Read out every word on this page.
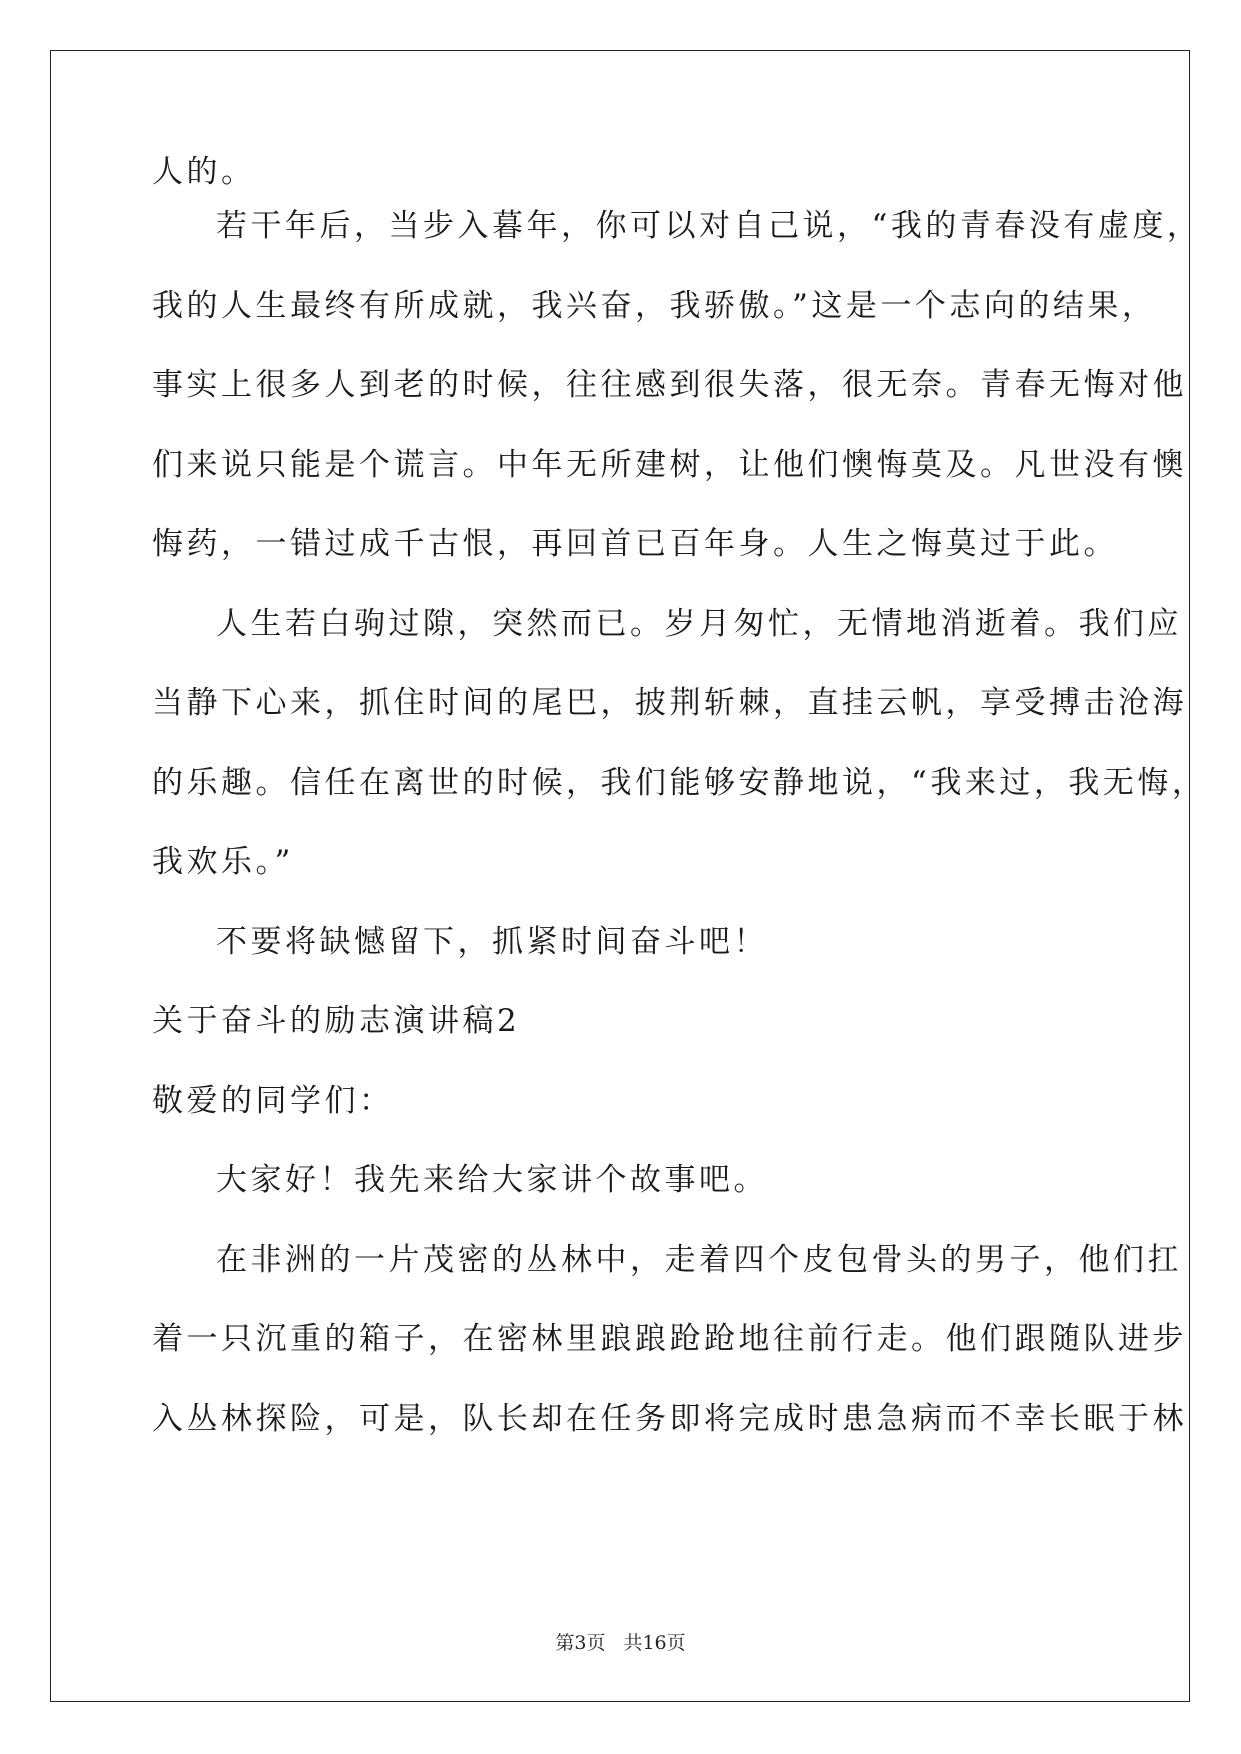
人的。
若干年后，当步入暮年，你可以对自己说，“我的青春没有虚度，
我的人生最终有所成就，我兴奋，我骄傲。”这是一个志向的结果，
事实上很多人到老的时候，往往感到很失落，很无奈。青春无悔对他
们来说只能是个谎言。中年无所建树，让他们懊悔莫及。凡世没有懊
悔药，一错过成千古恨，再回首已百年身。人生之悔莫过于此。
人生若白驹过隙，突然而已。岁月匆忙，无情地消逝着。我们应
当静下心来，抓住时间的尾巴，披荆斩棘，直挂云帆，享受搏击沧海
的乐趣。信任在离世的时候，我们能够安静地说，“我来过，我无悔，
我欢乐。”
不要将缺憾留下，抓紧时间奋斗吧！
关于奋斗的励志演讲稿2
敬爱的同学们：
大家好！我先来给大家讲个故事吧。
在非洲的一片茂密的丛林中，走着四个皮包骨头的男子，他们扛
着一只沉重的箱子，在密林里踉踉跄跄地往前行走。他们跟随队进步
入丛林探险，可是，队长却在任务即将完成时患急病而不幸长眠于林
第3页 共16页
